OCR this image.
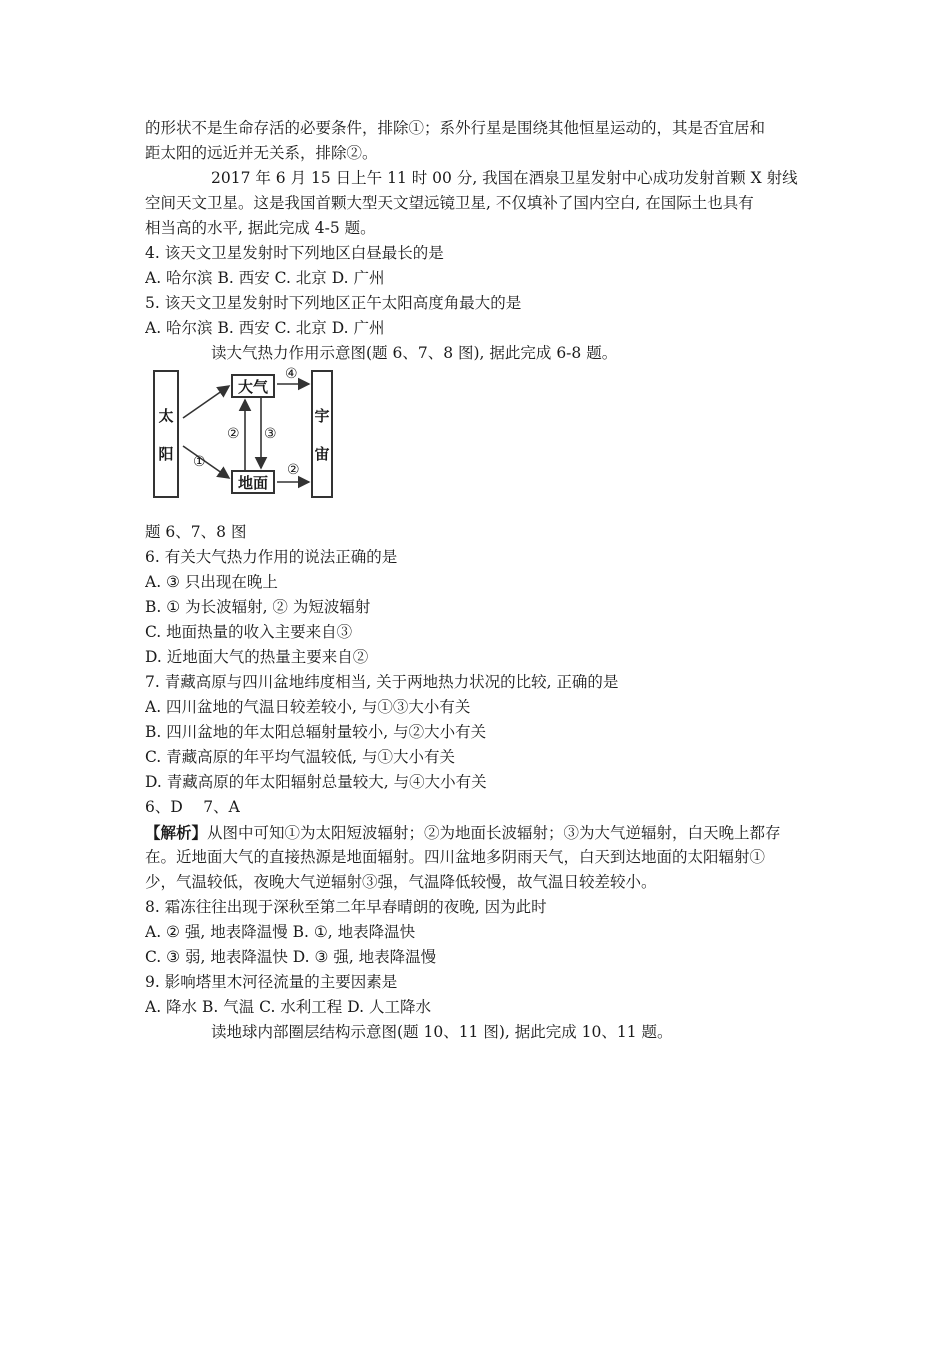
的形状不是生命存活的必要条件，排除①；系外行星是围绕其他恒星运动的，其是否宜居和
距太阳的远近并无关系，排除②。
2017 年 6 月 15 日上午 11 时 00 分, 我国在酒泉卫星发射中心成功发射首颗 X 射线
空间天文卫星。这是我国首颗大型天文望远镜卫星, 不仅填补了国内空白, 在国际土也具有
相当高的水平, 据此完成 4-5 题。
4. 该天文卫星发射时下列地区白昼最长的是
A. 哈尔滨 B. 西安 C. 北京 D. 广州
5. 该天文卫星发射时下列地区正午太阳高度角最大的是
A. 哈尔滨 B. 西安 C. 北京 D. 广州
读大气热力作用示意图(题 6、7、8 图), 据此完成 6-8 题。
太
阳
大气
地面
宇
宙
①
② ③
④
②
题 6、7、8 图
6. 有关大气热力作用的说法正确的是
A. ③ 只出现在晚上
B. ① 为长波辐射, ② 为短波辐射
C. 地面热量的收入主要来自③
D. 近地面大气的热量主要来自②
7. 青藏高原与四川盆地纬度相当, 关于两地热力状况的比较, 正确的是
A. 四川盆地的气温日较差较小, 与①③大小有关
B. 四川盆地的年太阳总辐射量较小, 与②大小有关
C. 青藏高原的年平均气温较低, 与①大小有关
D. 青藏高原的年太阳辐射总量较大, 与④大小有关
6、D　 7、A
【解析】从图中可知①为太阳短波辐射；②为地面长波辐射；③为大气逆辐射，白天晚上都存
在。近地面大气的直接热源是地面辐射。四川盆地多阴雨天气，白天到达地面的太阳辐射①
少，气温较低，夜晚大气逆辐射③强，气温降低较慢，故气温日较差较小。
8. 霜冻往往出现于深秋至第二年早春晴朗的夜晚, 因为此时
A. ② 强, 地表降温慢 B. ①, 地表降温快
C. ③ 弱, 地表降温快 D. ③ 强, 地表降温慢
9. 影响塔里木河径流量的主要因素是
A. 降水 B. 气温 C. 水利工程 D. 人工降水
读地球内部圈层结构示意图(题 10、11 图), 据此完成 10、11 题。
